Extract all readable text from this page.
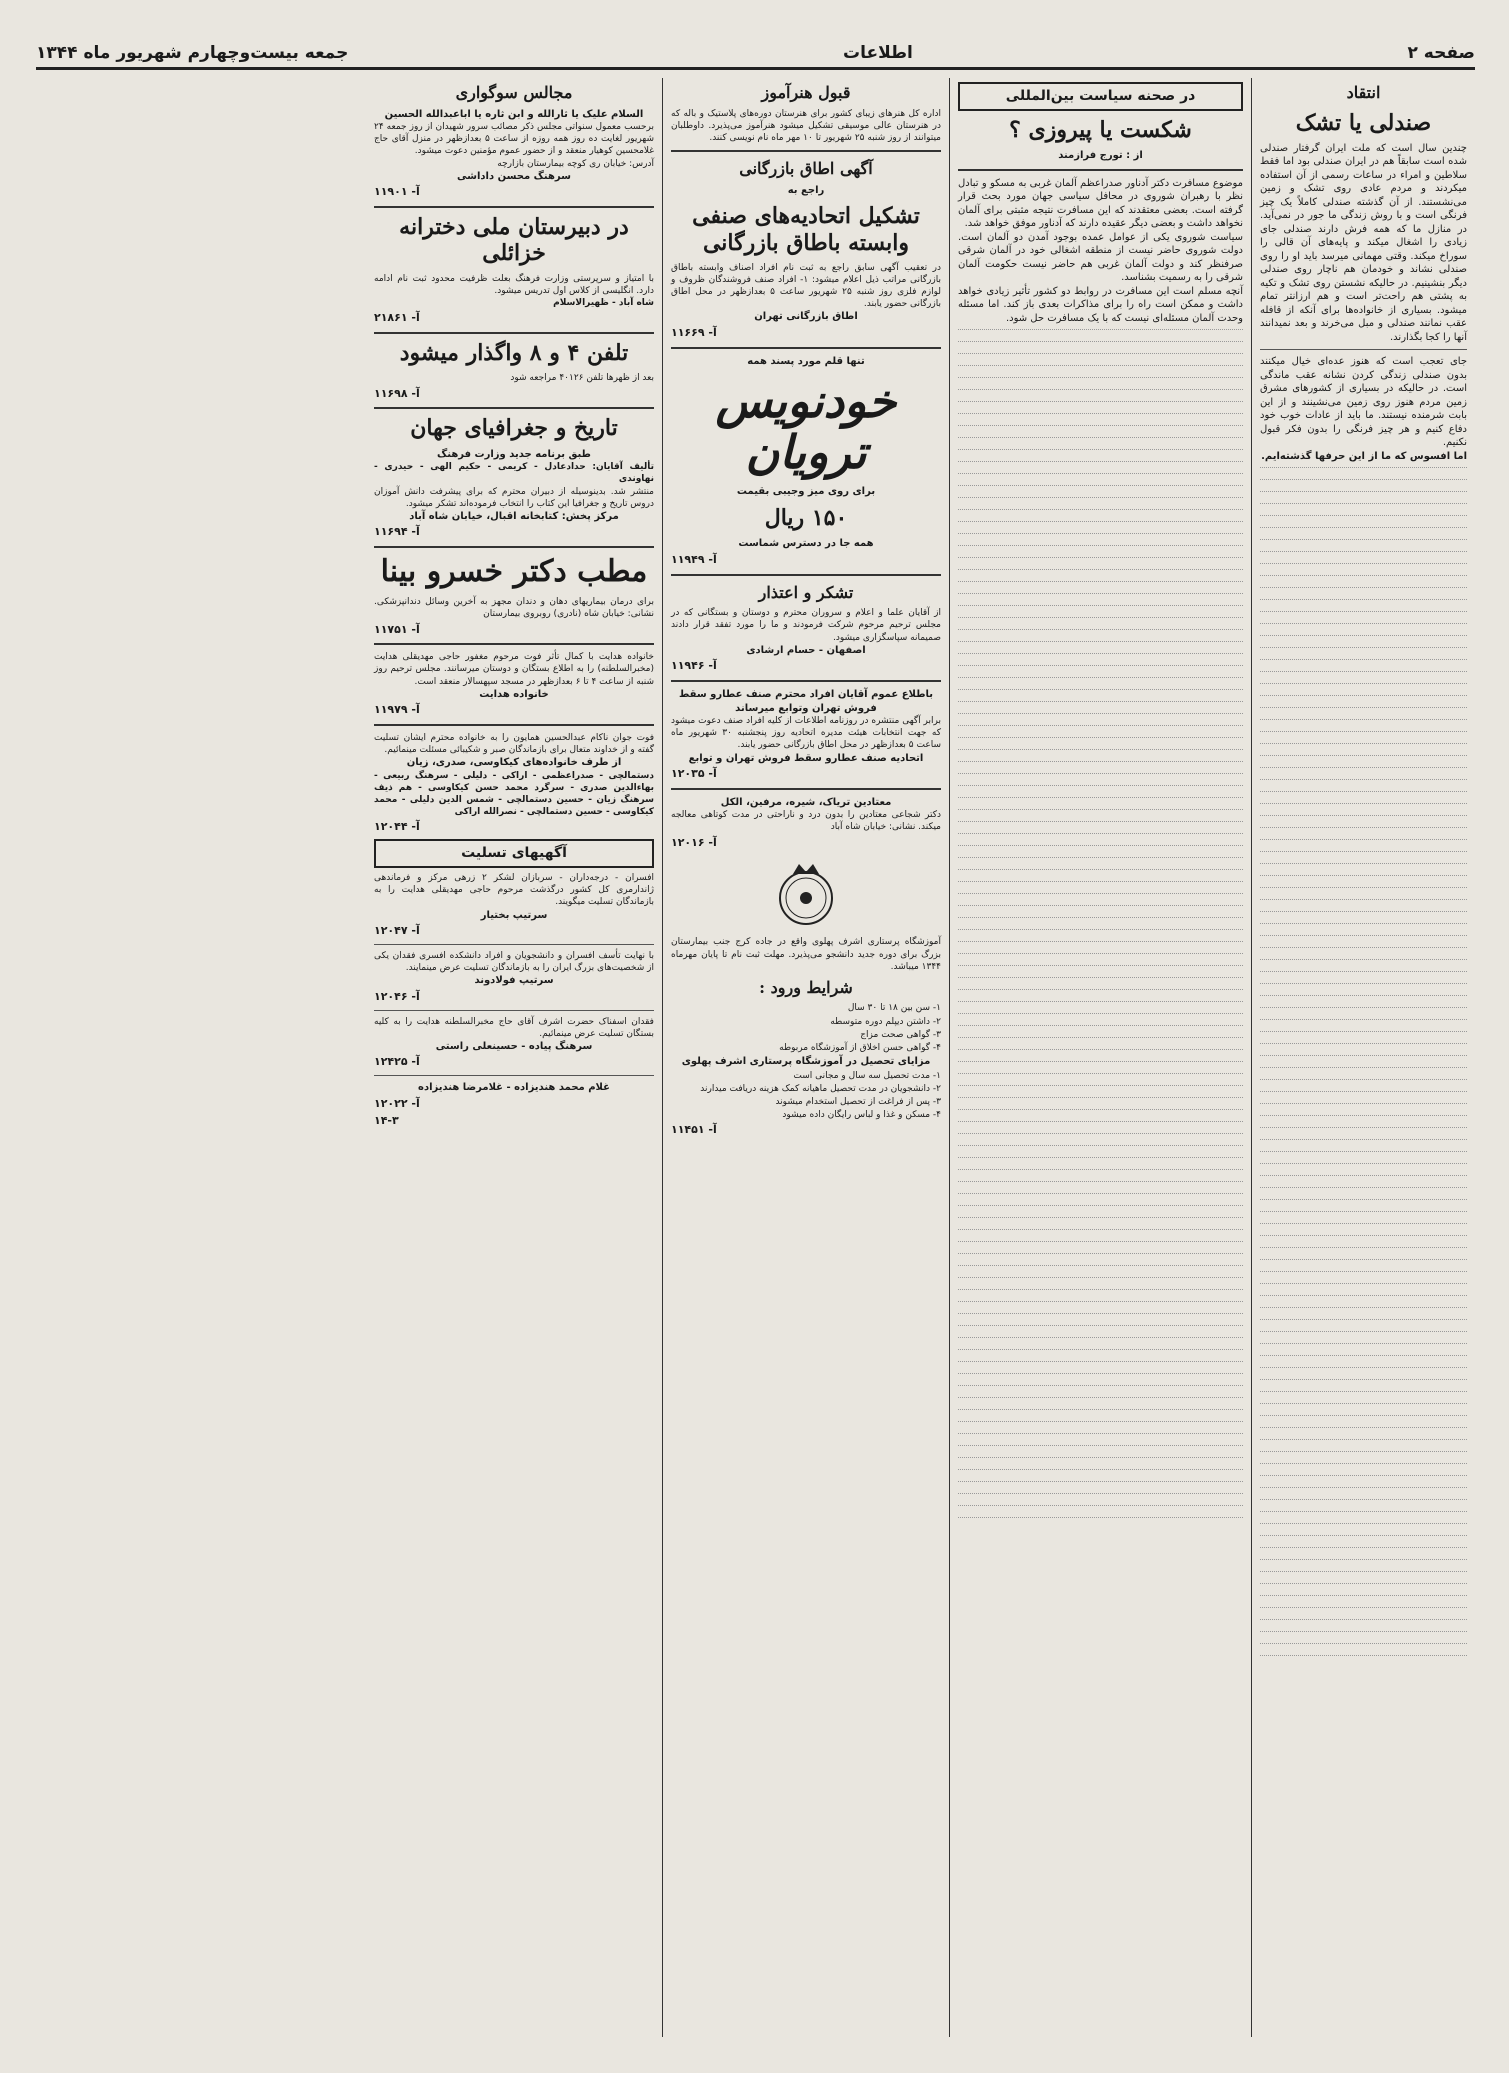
صفحه ۲
اطلاعات
جمعه بیست‌وچهارم شهریور ماه ۱۳۴۴
انتقاد
صندلی یا تشک
چندین سال است که ملت ایران گرفتار صندلی شده است سابقاً هم در ایران صندلی بود اما فقط سلاطین و امراء در ساعات رسمی از آن استفاده میکردند و مردم عادی روی تشک و زمین می‌نشستند. از آن گذشته صندلی کاملاً یک چیز فرنگی است و با روش زندگی ما جور در نمی‌آید. در منازل ما که همه فرش دارند صندلی جای زیادی را اشغال میکند و پایه‌های آن قالی را سوراخ میکند. وقتی مهمانی میرسد باید او را روی صندلی نشاند و خودمان هم ناچار روی صندلی دیگر بنشینیم. در حالیکه نشستن روی تشک و تکیه به پشتی هم راحت‌تر است و هم ارزانتر تمام میشود. بسیاری از خانواده‌ها برای آنکه از قافله عقب نمانند صندلی و مبل می‌خرند و بعد نمیدانند آنها را کجا بگذارند.
جای تعجب است که هنوز عده‌ای خیال میکنند بدون صندلی زندگی کردن نشانه عقب ماندگی است. در حالیکه در بسیاری از کشورهای مشرق زمین مردم هنوز روی زمین می‌نشینند و از این بابت شرمنده نیستند. ما باید از عادات خوب خود دفاع کنیم و هر چیز فرنگی را بدون فکر قبول نکنیم.
اما افسوس که ما از این حرفها گذشته‌ایم.
در صحنه سیاست بین‌المللی
شکست یا پیروزی ؟
از : تورج فرازمند
موضوع مسافرت دکتر آدناور صدراعظم آلمان غربی به مسکو و تبادل نظر با رهبران شوروی در محافل سیاسی جهان مورد بحث قرار گرفته است. بعضی معتقدند که این مسافرت نتیجه مثبتی برای آلمان نخواهد داشت و بعضی دیگر عقیده دارند که آدناور موفق خواهد شد.
سیاست شوروی یکی از عوامل عمده بوجود آمدن دو آلمان است. دولت شوروی حاضر نیست از منطقه اشغالی خود در آلمان شرقی صرفنظر کند و دولت آلمان غربی هم حاضر نیست حکومت آلمان شرقی را به رسمیت بشناسد.
آنچه مسلم است این مسافرت در روابط دو کشور تأثیر زیادی خواهد داشت و ممکن است راه را برای مذاکرات بعدی باز کند. اما مسئله وحدت آلمان مسئله‌ای نیست که با یک مسافرت حل شود.
قبول هنرآموز
اداره کل هنرهای زیبای کشور برای هنرستان دوره‌های پلاستیک و باله که در هنرستان عالی موسیقی تشکیل میشود هنرآموز می‌پذیرد. داوطلبان میتوانند از روز شنبه ۲۵ شهریور تا ۱۰ مهر ماه نام نویسی کنند.
آگهی اطاق بازرگانی
راجع به
تشکیل اتحادیه‌های صنفی وابسته باطاق بازرگانی
در تعقیب آگهی سابق راجع به ثبت نام افراد اصناف وابسته باطاق بازرگانی مراتب ذیل اعلام میشود: ۱- افراد صنف فروشندگان ظروف و لوازم فلزی روز شنبه ۲۵ شهریور ساعت ۵ بعدازظهر در محل اطاق بازرگانی حضور یابند.
اطاق بازرگانی تهران
آ- ۱۱۶۶۹
تنها قلم مورد پسند همه
خودنویس ترویان
برای روی میز وجیبی بقیمت
۱۵۰ ریال
همه جا در دسترس شماست
آ- ۱۱۹۴۹
تشکر و اعتذار
از آقایان علما و اعلام و سروران محترم و دوستان و بستگانی که در مجلس ترحیم مرحوم شرکت فرمودند و ما را مورد تفقد قرار دادند صمیمانه سپاسگزاری میشود.
اصفهان - حسام ارشادی
آ- ۱۱۹۴۶
باطلاع عموم آقایان افراد محترم صنف عطارو سقط فروش تهران وتوابع میرساند
برابر آگهی منتشره در روزنامه اطلاعات از کلیه افراد صنف دعوت میشود که جهت انتخابات هیئت مدیره اتحادیه روز پنجشنبه ۳۰ شهریور ماه ساعت ۵ بعدازظهر در محل اطاق بازرگانی حضور یابند.
اتحادیه صنف عطارو سقط فروش تهران و توابع
آ- ۱۲۰۳۵
معتادین تریاک، شیره، مرفین، الکل
دکتر شجاعی معتادین را بدون درد و ناراحتی در مدت کوتاهی معالجه میکند. نشانی: خیابان شاه آباد
آ- ۱۲۰۱۶
آموزشگاه پرستاری اشرف پهلوی واقع در جاده کرج جنب بیمارستان بزرگ برای دوره جدید دانشجو می‌پذیرد. مهلت ثبت نام تا پایان مهرماه ۱۳۴۴ میباشد.
شرایط ورود :
۱- سن بین ۱۸ تا ۳۰ سال
۲- داشتن دیپلم دوره متوسطه
۳- گواهی صحت مزاج
۴- گواهی حسن اخلاق از آموزشگاه مربوطه
مزایای تحصیل در آموزشگاه پرستاری اشرف پهلوی
۱- مدت تحصیل سه سال و مجانی است
۲- دانشجویان در مدت تحصیل ماهیانه کمک هزینه دریافت میدارند
۳- پس از فراغت از تحصیل استخدام میشوند
۴- مسکن و غذا و لباس رایگان داده میشود
آ- ۱۱۴۵۱
مجالس سوگواری
السلام علیک یا ثارالله و ابن ثاره یا اباعبدالله الحسین
برحسب معمول سنواتی مجلس ذکر مصائب سرور شهیدان از روز جمعه ۲۴ شهریور لغایت ده روز همه روزه از ساعت ۵ بعدازظهر در منزل آقای حاج غلامحسین کوهیار منعقد و از حضور عموم مؤمنین دعوت میشود.
آدرس: خیابان ری کوچه بیمارستان بازارچه
سرهنگ محسن داداشی
آ- ۱۱۹۰۱
در دبیرستان ملی دخترانه خزائلی
با امتیاز و سرپرستی وزارت فرهنگ بعلت ظرفیت محدود ثبت نام ادامه دارد. انگلیسی از کلاس اول تدریس میشود.
شاه آباد - ظهیرالاسلام
آ- ۲۱۸۶۱
تلفن ۴ و ۸ واگذار میشود
بعد از ظهرها تلفن ۴۰۱۲۶ مراجعه شود
آ- ۱۱۶۹۸
تاریخ و جغرافیای جهان
طبق برنامه جدید وزارت فرهنگ
تألیف آقایان: حدادعادل - کریمی - حکیم الهی - حیدری - نهاوندی
منتشر شد. بدینوسیله از دبیران محترم که برای پیشرفت دانش آموزان دروس تاریخ و جغرافیا این کتاب را انتخاب فرموده‌اند تشکر میشود.
مرکز پخش: کتابخانه اقبال، خیابان شاه آباد
آ- ۱۱۶۹۴
مطب دکتر خسرو بینا
برای درمان بیماریهای دهان و دندان مجهز به آخرین وسائل دندانپزشکی. نشانی: خیابان شاه (نادری) روبروی بیمارستان
آ- ۱۱۷۵۱
خانواده هدایت با کمال تأثر فوت مرحوم مغفور حاجی مهدیقلی هدایت (مخبرالسلطنه) را به اطلاع بستگان و دوستان میرسانند. مجلس ترحیم روز شنبه از ساعت ۴ تا ۶ بعدازظهر در مسجد سپهسالار منعقد است.
خانواده هدایت
آ- ۱۱۹۷۹
فوت جوان ناکام عبدالحسین همایون را به خانواده محترم ایشان تسلیت گفته و از خداوند متعال برای بازماندگان صبر و شکیبائی مسئلت مینمائیم.
از طرف خانواده‌های کیکاوسی، صدری، زیان
دستمالچی - صدراعظمی - اراکی - دلیلی - سرهنگ ربیعی - بهاءالدین صدری - سرگرد محمد حسن کیکاوسی - هم ذیف سرهنگ زیان - حسین دستمالچی - شمس الدین دلیلی - محمد کیکاوسی - حسین دستمالچی - نصرالله اراکی
آ- ۱۲۰۴۴
آگهیهای تسلیت
افسران - درجه‌داران - سربازان لشکر ۲ زرهی مرکز و فرماندهی ژاندارمری کل کشور درگذشت مرحوم حاجی مهدیقلی هدایت را به بازماندگان تسلیت میگویند.
سرتیپ بختیار
آ- ۱۲۰۴۷
با نهایت تأسف افسران و دانشجویان و افراد دانشکده افسری فقدان یکی از شخصیت‌های بزرگ ایران را به بازماندگان تسلیت عرض مینمایند.
سرتیپ فولادوند
آ- ۱۲۰۴۶
فقدان اسفناک حضرت اشرف آقای حاج مخبرالسلطنه هدایت را به کلیه بستگان تسلیت عرض مینمائیم.
سرهنگ پیاده - حسینعلی راستی
آ- ۱۲۴۲۵
غلام محمد هندیزاده - غلامرضا هندیزاده
آ- ۱۲۰۲۲
۱۴-۳
